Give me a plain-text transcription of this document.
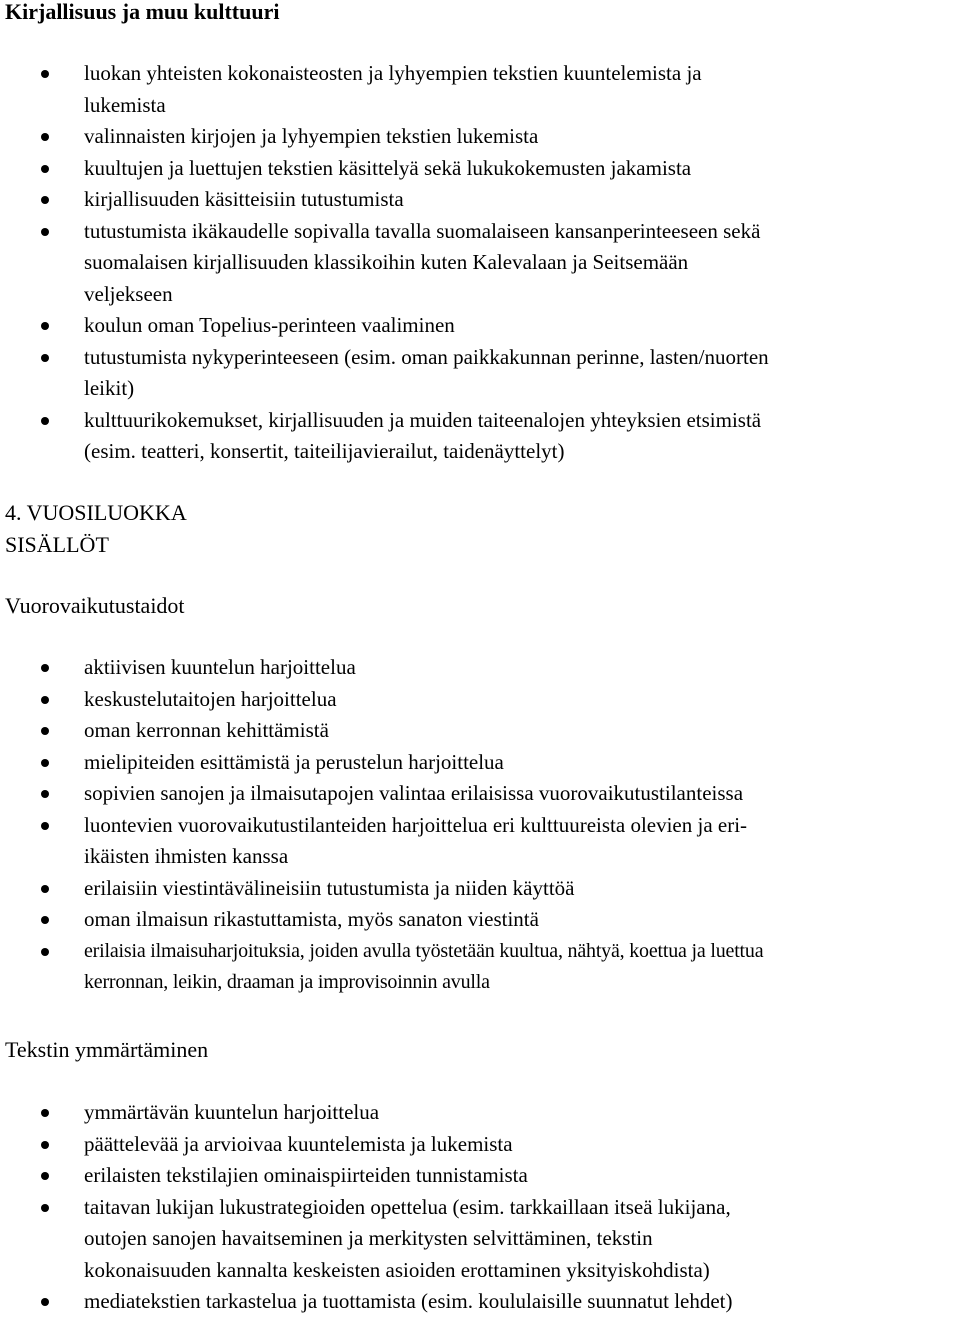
Kirjallisuus ja muu kulttuuri
luokan yhteisten kokonaisteosten ja lyhyempien tekstien kuuntelemista ja
lukemista
valinnaisten kirjojen ja lyhyempien tekstien lukemista
kuultujen ja luettujen tekstien käsittelyä sekä lukukokemusten jakamista
kirjallisuuden käsitteisiin tutustumista
tutustumista ikäkaudelle sopivalla tavalla suomalaiseen kansanperinteeseen sekä
suomalaisen kirjallisuuden klassikoihin kuten Kalevalaan ja Seitsemään
veljekseen
koulun oman Topelius-perinteen vaaliminen
tutustumista nykyperinteeseen (esim. oman paikkakunnan perinne, lasten/nuorten
leikit)
kulttuurikokemukset, kirjallisuuden ja muiden taiteenalojen yhteyksien etsimistä
(esim. teatteri, konsertit, taiteilijavierailut, taidenäyttelyt)
4. VUOSILUOKKA
SISÄLLÖT
Vuorovaikutustaidot
aktiivisen kuuntelun harjoittelua
keskustelutaitojen harjoittelua
oman kerronnan kehittämistä
mielipiteiden esittämistä ja perustelun harjoittelua
sopivien sanojen ja ilmaisutapojen valintaa erilaisissa vuorovaikutustilanteissa
luontevien vuorovaikutustilanteiden harjoittelua eri kulttuureista olevien ja eri-
ikäisten ihmisten kanssa
erilaisiin viestintävälineisiin tutustumista ja niiden käyttöä
oman ilmaisun rikastuttamista, myös sanaton viestintä
erilaisia ilmaisuharjoituksia, joiden avulla työstetään kuultua, nähtyä, koettua ja luettua
kerronnan, leikin, draaman ja improvisoinnin avulla
Tekstin ymmärtäminen
ymmärtävän kuuntelun harjoittelua
päättelevää ja arvioivaa kuuntelemista ja lukemista
erilaisten tekstilajien ominaispiirteiden tunnistamista
taitavan lukijan lukustrategioiden opettelua (esim. tarkkaillaan itseä lukijana,
outojen sanojen havaitseminen ja merkitysten selvittäminen, tekstin
kokonaisuuden kannalta keskeisten asioiden erottaminen yksityiskohdista)
mediatekstien tarkastelua ja tuottamista (esim. koululaisille suunnatut lehdet)
